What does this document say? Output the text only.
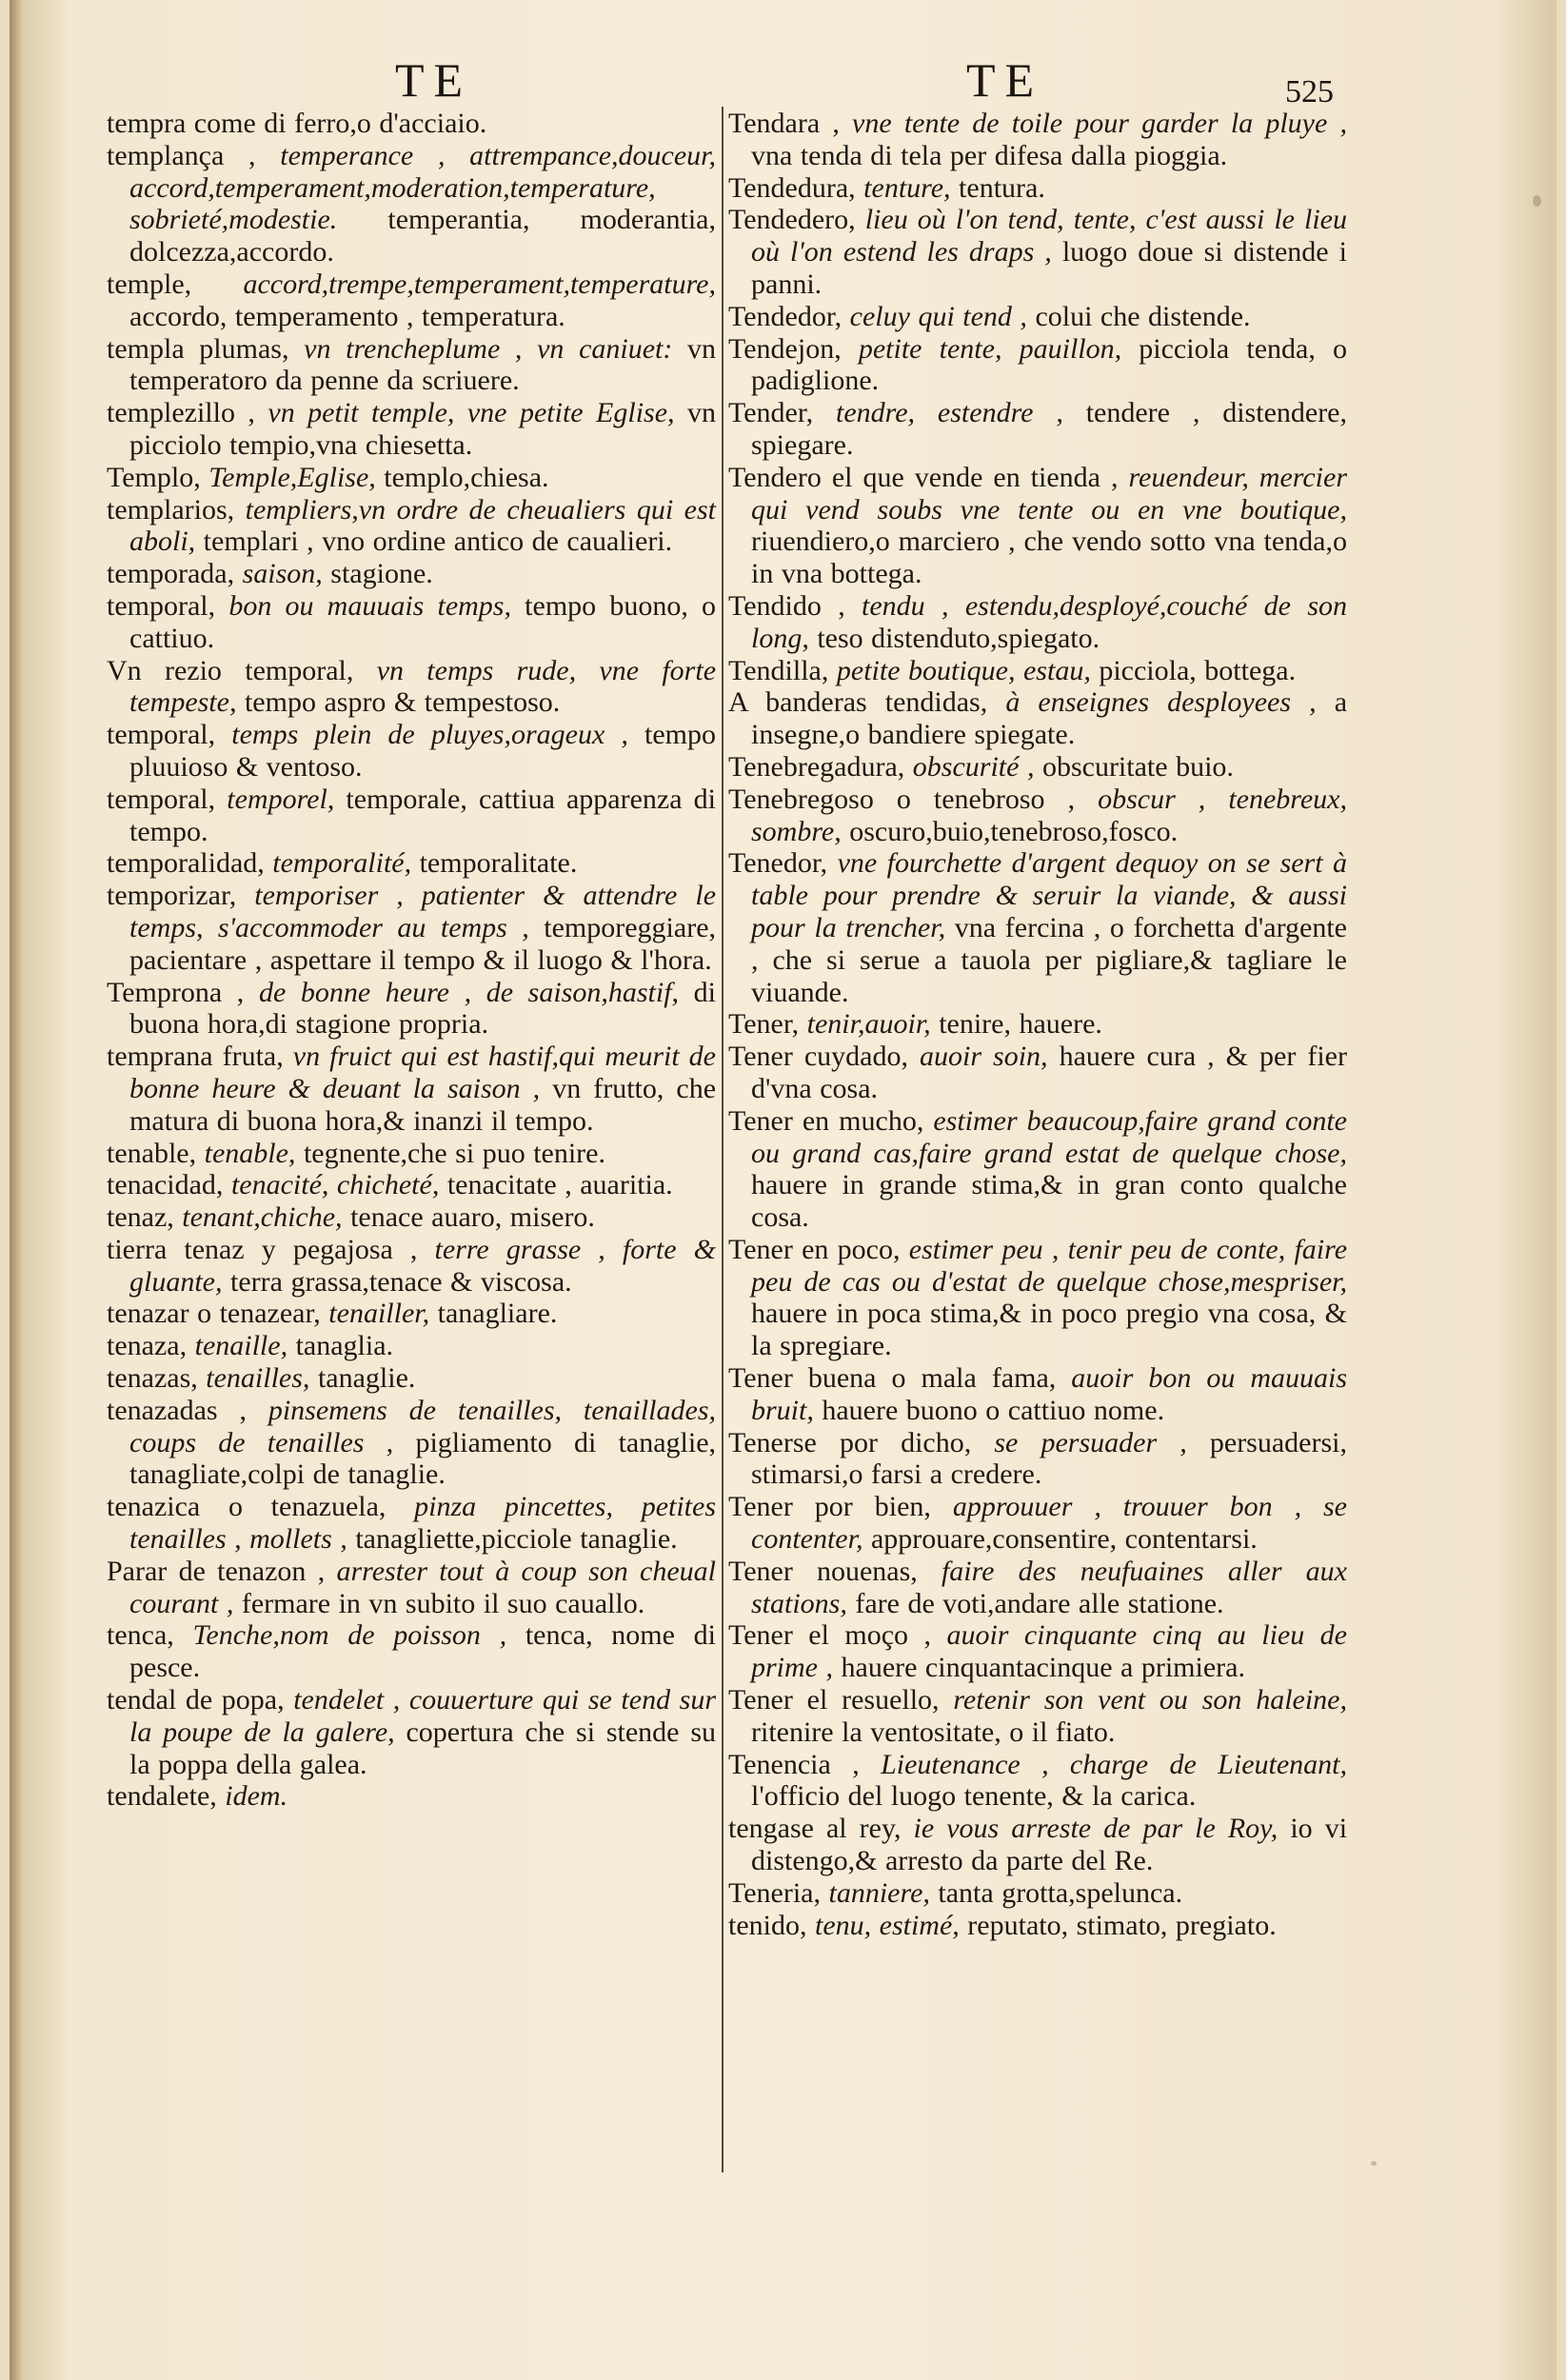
TE	TE	525

tempra come di ferro,o d'acciaio.

templança , temperance , attrempance,douceur, accord,temperament,moderation,temperature, sobrieté,modestie. temperantia, moderantia, dolcezza,accordo.

temple, accord,trempe,temperament,temperature, accordo, temperamento , temperatura.

templa plumas, vn trencheplume , vn caniuet: vn temperatoro da penne da scriuere.

templezillo , vn petit temple, vne petite Eglise, vn picciolo tempio,vna chiesetta.

Templo, Temple,Eglise, templo,chiesa.

templarios, templiers,vn ordre de cheualiers qui est aboli, templari , vno ordine antico de caualieri.

temporada, saison, stagione.

temporal, bon ou mauuais temps, tempo buono, o cattiuo.

Vn rezio temporal, vn temps rude, vne forte tempeste, tempo aspro & tempestoso.

temporal, temps plein de pluyes,orageux , tempo pluuioso & ventoso.

temporal, temporel, temporale, cattiua apparenza di tempo.

temporalidad, temporalité, temporalitate.

temporizar, temporiser , patienter & attendre le temps, s'accommoder au temps , temporeggiare, pacientare , aspettare il tempo & il luogo & l'hora.

Temprona , de bonne heure , de saison,hastif, di buona hora,di stagione propria.

temprana fruta, vn fruict qui est hastif,qui meurit de bonne heure & deuant la saison , vn frutto, che matura di buona hora,& inanzi il tempo.

tenable, tenable, tegnente,che si puo tenire.

tenacidad, tenacité, chicheté, tenacitate , auaritia.

tenaz, tenant,chiche, tenace auaro, misero.

tierra tenaz y pegajosa , terre grasse , forte & gluante, terra grassa,tenace & viscosa.

tenazar o tenazear, tenailler, tanagliare.

tenaza, tenaille, tanaglia.

tenazas, tenailles, tanaglie.

tenazadas , pinsemens de tenailles, tenaillades, coups de tenailles , pigliamento di tanaglie, tanagliate,colpi de tanaglie.

tenazica o tenazuela, pinza pincettes, petites tenailles , mollets , tanagliette,picciole tanaglie.

Parar de tenazon , arrester tout à coup son cheual courant , fermare in vn subito il suo cauallo.

tenca, Tenche,nom de poisson , tenca, nome di pesce.

tendal de popa, tendelet , couuerture qui se tend sur la poupe de la galere, copertura che si stende su la poppa della galea.

tendalete, idem.

Tendara , vne tente de toile pour garder la pluye , vna tenda di tela per difesa dalla pioggia.

Tendedura, tenture, tentura.

Tendedero, lieu où l'on tend, tente, c'est aussi le lieu où l'on estend les draps , luogo doue si distende i panni.

Tendedor, celuy qui tend , colui che distende.

Tendejon, petite tente, pauillon, picciola tenda, o padiglione.

Tender, tendre, estendre , tendere , distendere, spiegare.

Tendero el que vende en tienda , reuendeur, mercier qui vend soubs vne tente ou en vne boutique, riuendiero,o marciero , che vendo sotto vna tenda,o in vna bottega.

Tendido , tendu , estendu,desployé,couché de son long, teso distenduto,spiegato.

Tendilla, petite boutique, estau, picciola, bottega.

A banderas tendidas, à enseignes desployees , a insegne,o bandiere spiegate.

Tenebregadura, obscurité , obscuritate buio.

Tenebregoso o tenebroso , obscur , tenebreux, sombre, oscuro,buio,tenebroso,fosco.

Tenedor, vne fourchette d'argent dequoy on se sert à table pour prendre & seruir la viande, & aussi pour la trencher, vna fercina , o forchetta d'argente , che si serue a tauola per pigliare,& tagliare le viuande.

Tener, tenir,auoir, tenire, hauere.

Tener cuydado, auoir soin, hauere cura , & per fier d'vna cosa.

Tener en mucho, estimer beaucoup,faire grand conte ou grand cas,faire grand estat de quelque chose, hauere in grande stima,& in gran conto qualche cosa.

Tener en poco, estimer peu , tenir peu de conte, faire peu de cas ou d'estat de quelque chose,mespriser, hauere in poca stima,& in poco pregio vna cosa, & la spregiare.

Tener buena o mala fama, auoir bon ou mauuais bruit, hauere buono o cattiuo nome.

Tenerse por dicho, se persuader , persuadersi, stimarsi,o farsi a credere.

Tener por bien, approuuer , trouuer bon , se contenter, approuare,consentire, contentarsi.

Tener nouenas, faire des neufuaines aller aux stations, fare de voti,andare alle statione.

Tener el moço , auoir cinquante cinq au lieu de prime , hauere cinquantacinque a primiera.

Tener el resuello, retenir son vent ou son haleine, ritenire la ventositate, o il fiato.

Tenencia , Lieutenance , charge de Lieutenant, l'officio del luogo tenente, & la carica.

tengase al rey, ie vous arreste de par le Roy, io vi distengo,& arresto da parte del Re.

Teneria, tanniere, tanta grotta,spelunca.

tenido, tenu, estimé, reputato, stimato, pregiato.
